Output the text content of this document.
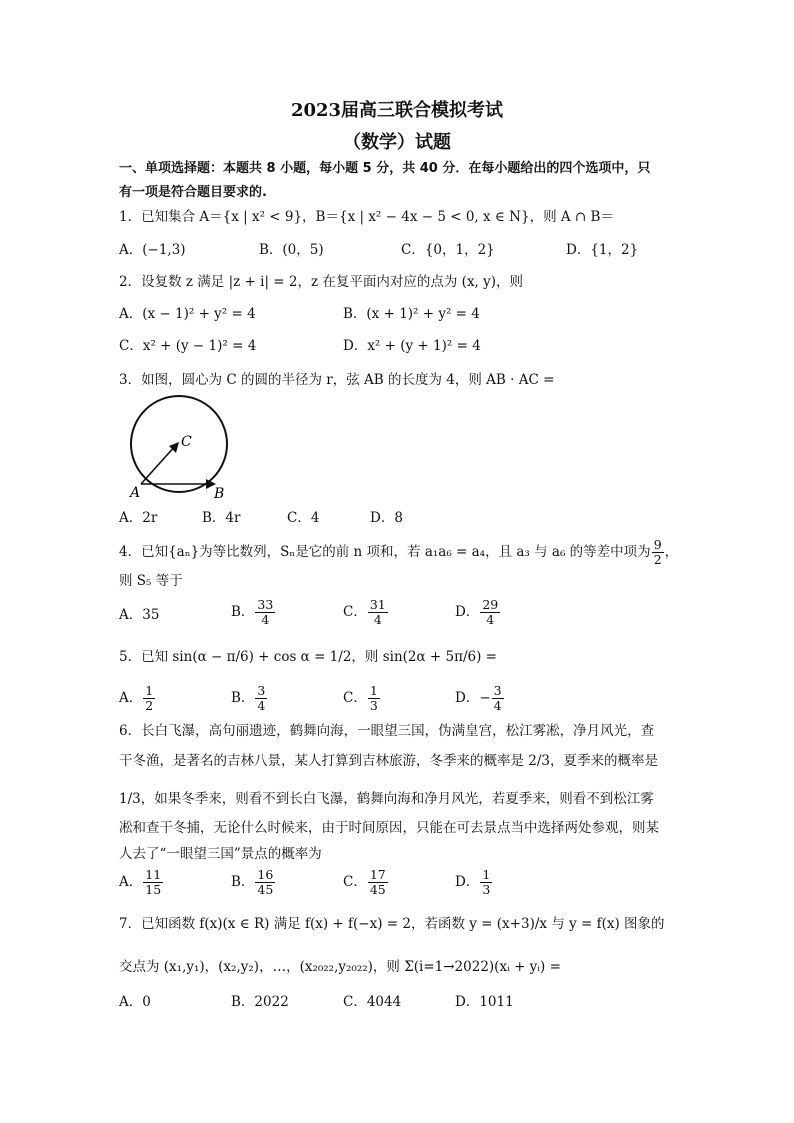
2023届高三联合模拟考试
（数学）试题
一、单项选择题：本题共 8 小题，每小题 5 分，共 40 分．在每小题给出的四个选项中，只
有一项是符合题目要求的.
1．已知集合 A＝{x | x² < 9}，B＝{x | x² − 4x − 5 < 0, x ∈ N}，则 A ∩ B＝
A．(−1,3)	B．(0，5)	C．{0，1，2}	D．{1，2}
2．设复数 z 满足 |z + i| = 2，z 在复平面内对应的点为 (x, y)，则
A．(x − 1)² + y² = 4	B．(x + 1)² + y² = 4
C．x² + (y − 1)² = 4	D．x² + (y + 1)² = 4
3．如图，圆心为 C 的圆的半径为 r，弦 AB 的长度为 4，则 AB · AC =
C
A	B
A．2r	B．4r	C．4	D．8
4．已知{aₙ}为等比数列，Sₙ是它的前 n 项和，若 a₁a₆ = a₄，且 a₃ 与 a₆ 的等差中项为 $\frac{9}{2}$ ，
则 S₅ 等于
A．35	B． $\frac{33}{4}$	C． $\frac{31}{4}$	D． $\frac{29}{4}$
5．已知 sin(α − π/6) + cos α = 1/2，则 sin(2α + 5π/6) =
A． $\frac{1}{2}$	B． $\frac{3}{4}$	C． $\frac{1}{3}$	D．− $\frac{3}{4}$
6．长白飞瀑，高句丽遗迹，鹤舞向海，一眼望三国，伪满皇宫，松江雾凇，净月风光，查
干冬渔，是著名的吉林八景，某人打算到吉林旅游，冬季来的概率是 2/3，夏季来的概率是
1/3，如果冬季来，则看不到长白飞瀑，鹤舞向海和净月风光，若夏季来，则看不到松江雾
凇和查干冬捕，无论什么时候来，由于时间原因，只能在可去景点当中选择两处参观，则某
人去了“一眼望三国”景点的概率为
A． $\frac{11}{15}$	B． $\frac{16}{45}$	C． $\frac{17}{45}$	D． $\frac{1}{3}$
7．已知函数 f(x)(x ∈ R) 满足 f(x) + f(−x) = 2，若函数 y = (x+3)/x 与 y = f(x) 图象的
交点为 (x₁,y₁)，(x₂,y₂)，…，(x₂₀₂₂,y₂₀₂₂)，则 Σ(i=1→2022)(xᵢ + yᵢ) =
A．0	B．2022	C．4044	D．1011
